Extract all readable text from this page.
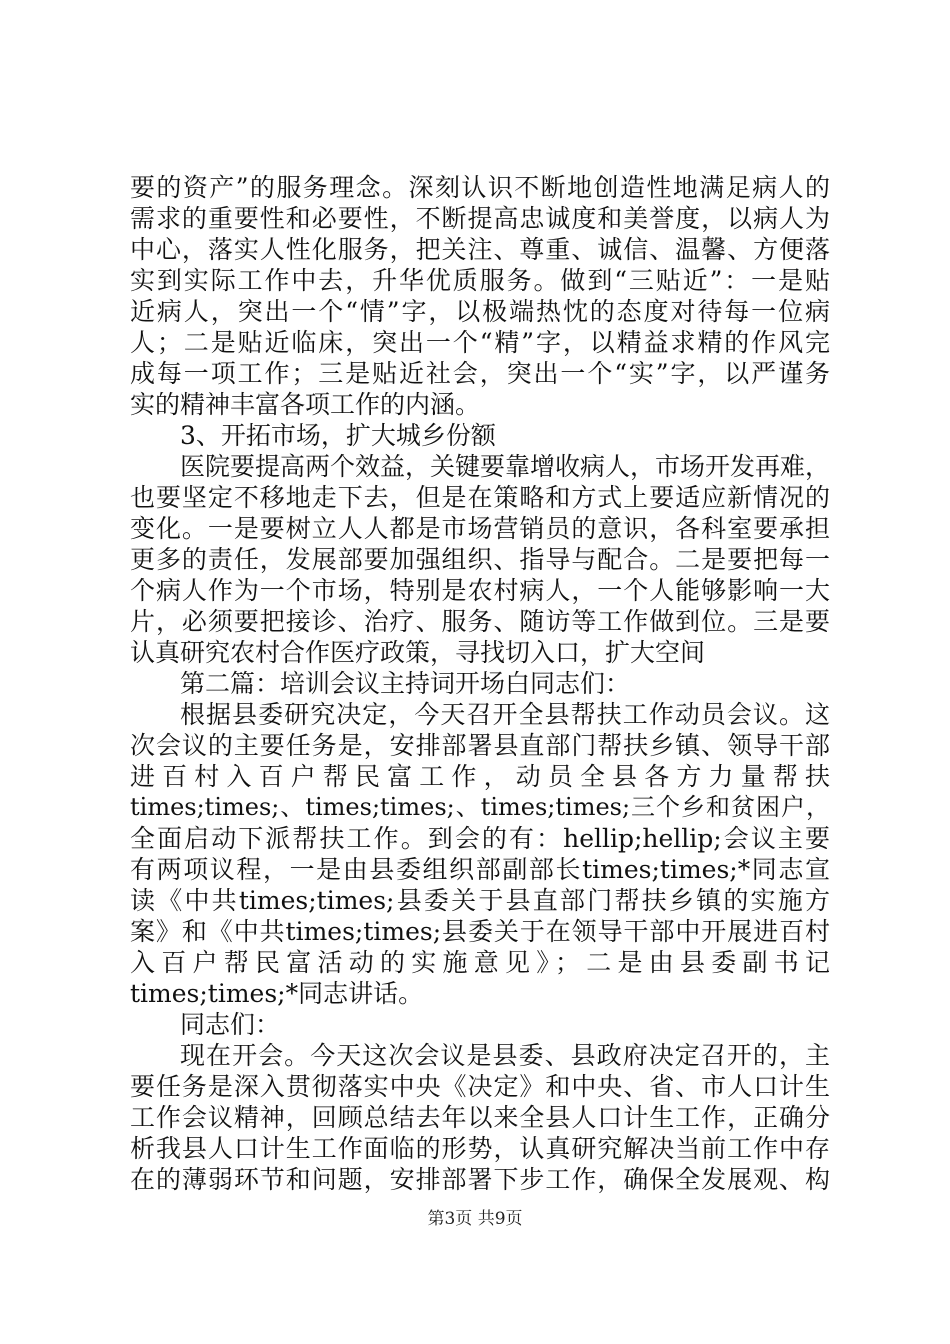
要的资产”的服务理念。深刻认识不断地创造性地满足病人的
需求的重要性和必要性，不断提高忠诚度和美誉度，以病人为
中心，落实人性化服务，把关注、尊重、诚信、温馨、方便落
实到实际工作中去，升华优质服务。做到“三贴近”：一是贴
近病人，突出一个“情”字，以极端热忱的态度对待每一位病
人；二是贴近临床，突出一个“精”字，以精益求精的作风完
成每一项工作；三是贴近社会，突出一个“实”字，以严谨务
实的精神丰富各项工作的内涵。
3、开拓市场，扩大城乡份额
医院要提高两个效益，关键要靠增收病人，市场开发再难，
也要坚定不移地走下去，但是在策略和方式上要适应新情况的
变化。一是要树立人人都是市场营销员的意识，各科室要承担
更多的责任，发展部要加强组织、指导与配合。二是要把每一
个病人作为一个市场，特别是农村病人，一个人能够影响一大
片，必须要把接诊、治疗、服务、随访等工作做到位。三是要
认真研究农村合作医疗政策，寻找切入口，扩大空间
第二篇：培训会议主持词开场白同志们：
根据县委研究决定，今天召开全县帮扶工作动员会议。这
次会议的主要任务是，安排部署县直部门帮扶乡镇、领导干部
进百村入百户帮民富工作，动员全县各方力量帮扶
times;times;、times;times;、times;times;三个乡和贫困户，
全面启动下派帮扶工作。到会的有：hellip;hellip;会议主要
有两项议程，一是由县委组织部副部长times;times;*同志宣
读《中共times;times;县委关于县直部门帮扶乡镇的实施方
案》和《中共times;times;县委关于在领导干部中开展进百村
入百户帮民富活动的实施意见》；二是由县委副书记
times;times;*同志讲话。
同志们：
现在开会。今天这次会议是县委、县政府决定召开的，主
要任务是深入贯彻落实中央《决定》和中央、省、市人口计生
工作会议精神，回顾总结去年以来全县人口计生工作，正确分
析我县人口计生工作面临的形势，认真研究解决当前工作中存
在的薄弱环节和问题，安排部署下步工作，确保全发展观、构
第3页 共9页
